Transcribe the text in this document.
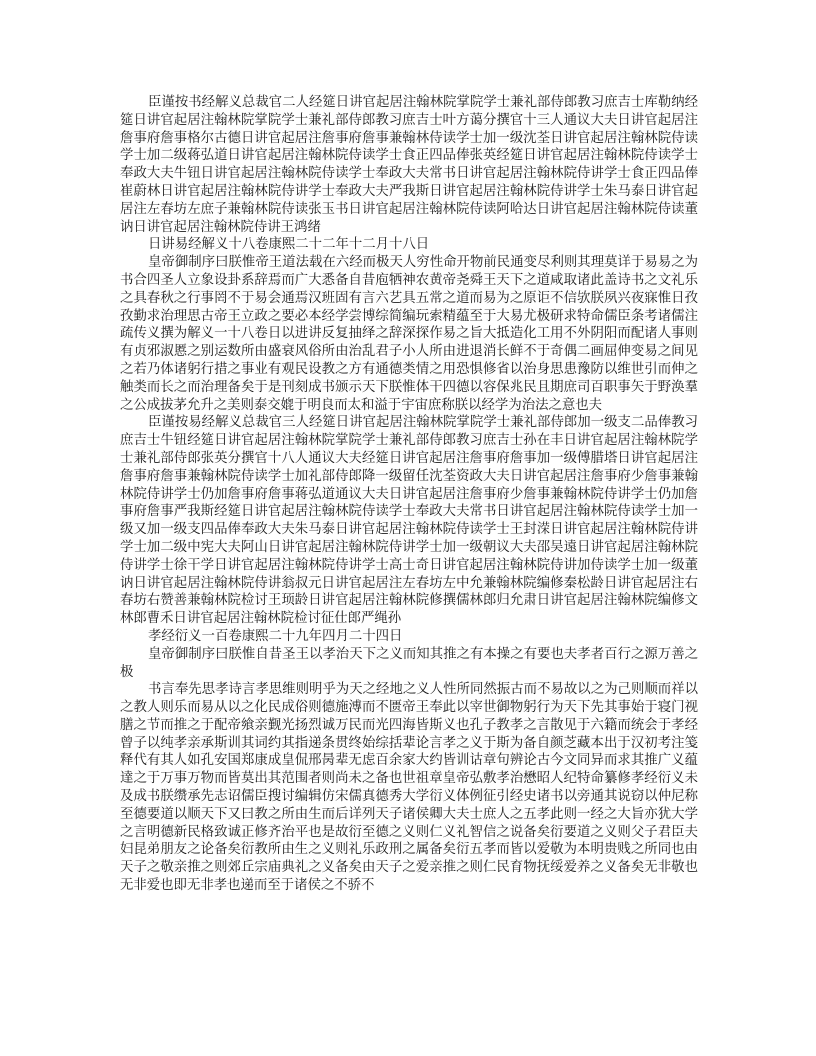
臣谨按书经解义总裁官二人经筵日讲官起居注翰林院掌院学士兼礼部侍郎教习庶吉士库勒纳经筵日讲官起居注翰林院掌院学士兼礼部侍郎教习庶吉士叶方蔼分撰官十三人通议大夫日讲官起居注詹事府詹事格尔古德日讲官起居注詹事府詹事兼翰林侍读学士加一级沈荃日讲官起居注翰林院侍读学士加二级蒋弘道日讲官起居注翰林院侍读学士食正四品俸张英经筵日讲官起居注翰林院侍读学士奉政大夫牛钮日讲官起居注翰林院侍读学士奉政大夫常书日讲官起居注翰林院侍讲学士食正四品俸崔蔚林日讲官起居注翰林院侍讲学士奉政大夫严我斯日讲官起居注翰林院侍讲学士朱马泰日讲官起居注左春坊左庶子兼翰林院侍读张玉书日讲官起居注翰林院侍读阿哈达日讲官起居注翰林院侍读董讷日讲官起居注翰林院侍讲王鸿绪

日讲易经解义十八卷康熙二十二年十二月十八日

皇帝御制序曰朕惟帝王道法载在六经而极天人穷性命开物前民通变尽利则其理莫详于易易之为书合四圣人立象设卦系辞焉而广大悉备自昔庖牺神农黄帝尧舜王天下之道咸取诸此盖诗书之文礼乐之具春秋之行事罔不于易会通焉汉班固有言六艺具五常之道而易为之原讵不信欤朕夙兴夜寐惟日孜孜勤求治理思古帝王立政之要必本经学尝博综简编玩索精蕴至于大易尤极研求特命儒臣条考诸儒注疏传义撰为解义一十八卷日以进讲反复抽绎之辞深探作易之旨大抵造化工用不外阴阳而配诸人事则有贞邪淑慝之别运数所由盛衰风俗所由治乱君子小人所由进退消长鲜不于奇偶二画屈伸变易之间见之若乃体诸躬行措之事业有观民设教之方有通德类情之用恐惧修省以治身思患豫防以维世引而伸之触类而长之而治理备矣于是刊刻成书颁示天下朕惟体干四德以容保兆民且期庶司百职事矢于野涣羣之公成拔茅允升之美则泰交媲于明良而太和溢于宇宙庶称朕以经学为治法之意也夫

臣谨按易经解义总裁官三人经筵日讲官起居注翰林院掌院学士兼礼部侍郎加一级支二品俸教习庶吉士牛钮经筵日讲官起居注翰林院掌院学士兼礼部侍郎教习庶吉士孙在丰日讲官起居注翰林院学士兼礼部侍郎张英分撰官十八人通议大夫经筵日讲官起居注詹事府詹事加一级傅腊塔日讲官起居注詹事府詹事兼翰林院侍读学士加礼部侍郎降一级留任沈荃资政大夫日讲官起居注詹事府少詹事兼翰林院侍讲学士仍加詹事府詹事蒋弘道通议大夫日讲官起居注詹事府少詹事兼翰林院侍讲学士仍加詹事府詹事严我斯经筵日讲官起居注翰林院侍读学士奉政大夫常书日讲官起居注翰林院侍读学士加一级又加一级支四品俸奉政大夫朱马泰日讲官起居注翰林院侍读学士王封溁日讲官起居注翰林院侍讲学士加二级中宪大夫阿山日讲官起居注翰林院侍讲学士加一级朝议大夫邵吴遠日讲官起居注翰林院侍讲学士徐干学日讲官起居注翰林院侍讲学士高士奇日讲官起居注翰林院侍讲加侍读学士加一级董讷日讲官起居注翰林院侍讲翁叔元日讲官起居注左春坊左中允兼翰林院编修秦松龄日讲官起居注右春坊右赞善兼翰林院检讨王顼龄日讲官起居注翰林院修撰儒林郎归允肃日讲官起居注翰林院编修文林郎曹禾日讲官起居注翰林院检讨征仕郎严绳孙

孝经衍义一百卷康熙二十九年四月二十四日

皇帝御制序曰朕惟自昔圣王以孝治天下之义而知其推之有本操之有要也夫孝者百行之源万善之极

书言奉先思孝诗言孝思维则明乎为天之经地之义人性所同然振古而不易故以之为己则顺而祥以之教人则乐而易从以之化民成俗则德施溥而不匮帝王奉此以宰世御物躬行为天下先其事始于寝门视膳之节而推之于配帝飨亲觐光扬烈诚万民而光四海皆斯义也孔子教孝之言散见于六籍而统会于孝经曾子以纯孝亲承斯训其词约其指递条贯终始综括辈论言孝之义于斯为备自颜芝藏本出于汉初考注笺释代有其人如孔安国郑康成皇侃邢昺辈无虑百余家大约皆训诂章句辨论古今文同异而求其推广义蕴達之于万事万物而皆莫出其范围者则尚未之备也世祖章皇帝弘敷孝治懋昭人纪特命纂修孝经衍义未及成书朕缵承先志诏儒臣搜讨编辑仿宋儒真德秀大学衍义体例征引经史诸书以旁通其说窃以仲尼称至德要道以顺天下又曰教之所由生而后详列天子诸侯卿大夫士庶人之五孝此则一经之大旨亦犹大学之言明德新民格致诚正修齐治平也是故衍至德之义则仁义礼智信之说备矣衍要道之义则父子君臣夫妇昆弟朋友之论备矣衍教所由生之义则礼乐政刑之属备矣衍五孝而皆以爱敬为本明贵贱之所同也由天子之敬亲推之则郊丘宗庙典礼之义备矣由天子之爱亲推之则仁民育物抚绥爱养之义备矣无非敬也无非爱也即无非孝也递而至于诸侯之不骄不
